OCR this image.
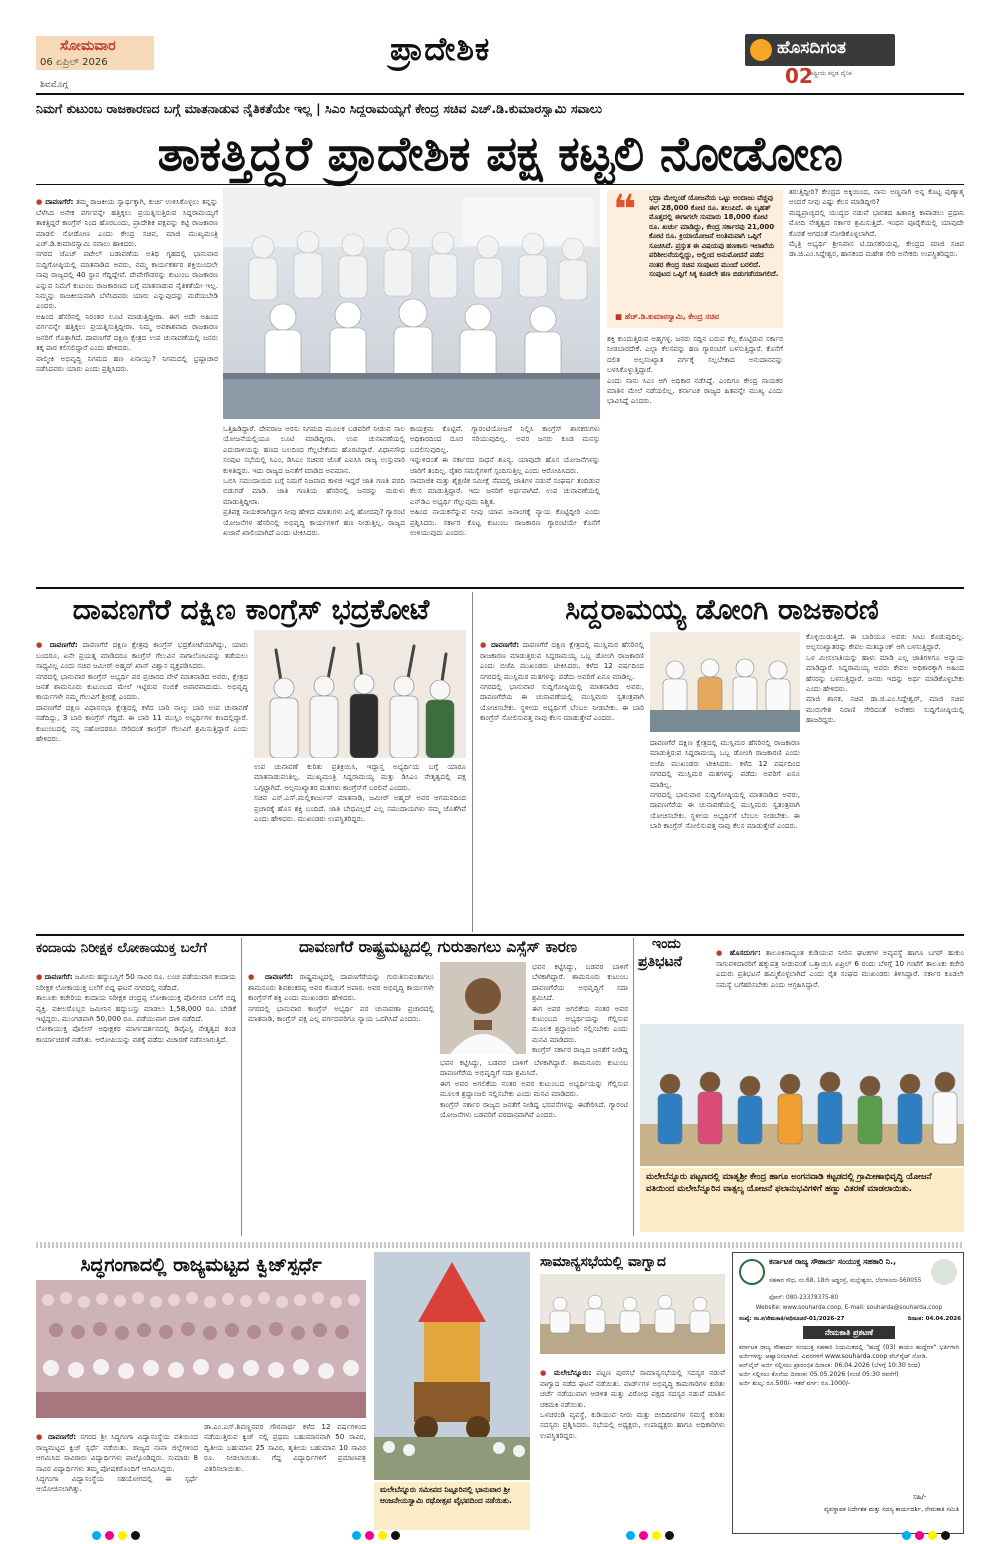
ಸೋಮವಾರ
06 ಏಪ್ರಿಲ್ 2026	ಪ್ರಾದೇಶಿಕ	ಹೊಸದಿಗಂತ
ರಾಷ್ಟ್ರೀಯ ಕನ್ನಡ ದೈನಿಕ
02
ಶಿವಮೊಗ್ಗ
ನಿಮಗೆ ಕುಟುಂಬ ರಾಜಕಾರಣದ ಬಗ್ಗೆ ಮಾತನಾಡುವ ನೈತಿಕತೆಯೇ ಇಲ್ಲ | ಸಿಎಂ ಸಿದ್ದರಾಮಯ್ಯಗೆ ಕೇಂದ್ರ ಸಚಿವ ಎಚ್.ಡಿ.ಕುಮಾರಸ್ವಾಮಿ ಸವಾಲು
ತಾಕತ್ತಿದ್ದರೆ ಪ್ರಾದೇಶಿಕ ಪಕ್ಷ ಕಟ್ಟಲಿ ನೋಡೋಣ

● ದಾವಣಗೆರೆ: ತಮ್ಮ ರಾಜಕೀಯ ಸ್ವಾರ್ಥಕ್ಕಾಗಿ, ಕುರ್ಚಿ ಉಳಿಸಿಕೊಳ್ಳಲು ತನ್ನನ್ನು ಬೆಳೆಸಿದ ಅನೇಕ ವರ್ಗವನ್ನೇ ಹತ್ತಿಕ್ಕಲು ಪ್ರಯತ್ನಿಸುತ್ತಿರುವ ಸಿದ್ದರಾಮಯ್ಯಗೆ ತಾಕತ್ತಿದ್ದರೆ ಕಾಂಗ್ರೆಸ್ ನಿಂದ ಹೊರಬಂದು, ಪ್ರಾದೇಶಿಕ ಪಕ್ಷವನ್ನು ಕಟ್ಟಿ ರಾಜಕಾರಣ ಮಾಡಲಿ ನೋಡೋಣ ಎಂದು ಕೇಂದ್ರ ಸಚಿವ, ಮಾಜಿ ಮುಖ್ಯಮಂತ್ರಿ ಎಚ್.ಡಿ.ಕುಮಾರಸ್ವಾಮಿ ಸವಾಲು ಹಾಕಿದರು.
ನಗರದ ಜೆಎಚ್ ಪಟೇಲ್ ಬಡಾವಣೆಯ ಅತಿಥಿ ಗೃಹದಲ್ಲಿ ಭಾನುವಾರ ಸುದ್ದಿಗೋಷ್ಠಿಯಲ್ಲಿ ಮಾತನಾಡಿದ ಅವರು, ನಮ್ಮ ಕಾರ್ಯಕರ್ತರ ಶಕ್ತಿಯಿಂದಲೇ ನಾವು ರಾಜ್ಯದಲ್ಲಿ 40 ಸ್ಥಾನ ಗೆದ್ದಿದ್ದೇವೆ. ದೇವೇಗೌಡರನ್ನು ಕುಟುಂಬ ರಾಜಕಾರಣ ಎನ್ನುವ ನಿಮಗೆ ಕುಟುಂಬ ರಾಜಕಾರಣದ ಬಗ್ಗೆ ಮಾತನಾಡುವ ನೈತಿಕತೆಯೇ ಇಲ್ಲ. ನಿಮ್ಮನ್ನು ರಾಜಕೀಯವಾಗಿ ಬೆಳೆಸಿದವರು ಯಾರು ಎನ್ನುವುದನ್ನು ಮರೆಯಬೇಡಿ ಎಂದರು.
ಅಹಿಂದ ಹೆಸರಿನಲ್ಲಿ ನಿರಂತರ ಲೂಟಿ ಮಾಡುತ್ತಿದ್ದೀರಾ. ಈಗ ಅದೇ ಅಹಿಂದ ವರ್ಗವನ್ನೇ ಹತ್ತಿಕ್ಕಲು ಪ್ರಯತ್ನಿಸುತ್ತಿದ್ದೀರಾ. ನಿಮ್ಮ ಅವಕಾಶವಾದಿ ರಾಜಕಾರಣ ಜನರಿಗೆ ಗೊತ್ತಾಗಿದೆ. ದಾವಣಗೆರೆ ದಕ್ಷಿಣ ಕ್ಷೇತ್ರದ ಉಪ ಚುನಾವಣೆಯಲ್ಲಿ ಜನರು ತಕ್ಕ ಪಾಠ ಕಲಿಸಲಿದ್ದಾರೆ ಎಂದು ಹೇಳಿದರು.
ವಾಲ್ಮೀಕಿ ಅಭಿವೃದ್ಧಿ ನಿಗಮದ ಹಣ ಏನಾಯ್ತು? ನಿಗಮದಲ್ಲಿ ಭ್ರಷ್ಟಾಚಾರ ನಡೆಸಿದವರು ಯಾರು ಎಂದು ಪ್ರಶ್ನಿಸಿದರು.

ಒತ್ತಿಹಿಡಿದ್ದಾರೆ. ದೇವರಾಜ ಅರಸು ನಿಗಮದ ಮೂಲಕ ಬಡವರಿಗೆ ನೀಡುವ ಸಾಲ ಯೋಜನೆಯಲ್ಲಿಯೂ ಲೂಟಿ ಮಾಡಿದ್ದೀರಾ. ಉಪ ಚುನಾವಣೆಯಲ್ಲಿ ಎದುರಾಳಿಯನ್ನು ಹಣದ ಬಲದಿಂದ ಗೆಲ್ಲಬೇಕೆಂದು ಹೊರಟಿದ್ದಾರೆ. ವಿಧಾನಸೌಧ ಸಂಪುಟ ಸಭೆಯಲ್ಲಿ ಸಿಎಂ, ಡಿಸಿಎಂ ಸಚಿವರ ಜೊತೆ ಎಐಸಿಸಿ ರಾಜ್ಯ ಉಸ್ತುವಾರಿ ಕುಳಿತಿದ್ದರು. ಇದು ರಾಜ್ಯದ ಜನತೆಗೆ ಮಾಡಿದ ಅವಮಾನ.
ಒಬಿಸಿ ಸಮುದಾಯದ ಬಗ್ಗೆ ನಿಮಗೆ ನಿಜವಾದ ಕಾಳಜಿ ಇದ್ದರೆ ಜಾತಿ ಗಣತಿ ವರದಿ ಬಿಡುಗಡೆ ಮಾಡಿ. ಜಾತಿ ಗಣತಿಯ ಹೆಸರಿನಲ್ಲಿ ಜನರನ್ನು ಮರುಳು ಮಾಡುತ್ತಿದ್ದೀರಾ.
ಪ್ರತಿಪಕ್ಷ ನಾಯಕರಾಗಿದ್ದಾಗ ನೀವು ಹೇಳಿದ ಮಾತುಗಳು ಎಲ್ಲಿ ಹೋದವು? ಗ್ಯಾರಂಟಿ ಯೋಜನೆಗಳ ಹೆಸರಿನಲ್ಲಿ ಅಭಿವೃದ್ಧಿ ಕಾರ್ಯಗಳಿಗೆ ಹಣ ನೀಡುತ್ತಿಲ್ಲ. ರಾಜ್ಯದ ಖಜಾನೆ ಖಾಲಿಯಾಗಿದೆ ಎಂದು ಟೀಕಿಸಿದರು.
ಕಾಯಕ್ರಮ ಕೊಟ್ಟಿವೆ. ಗ್ಯಾರಂಟಿಯೋಜನೆ ನಿಲ್ಲಿಸಿ ಕಾಂಗ್ರೆಸ್ ಶಾಸಕರುಗಳು ಅಧಿಕಾರದಿಂದ ದೂರ ಸರಿಯುವುದಿಲ್ಲ. ಅವರ ಜನರು ಕೂಡ ಮನಸ್ಸು ಬದಲಿಸುವುದಿಲ್ಲ.
ಇನ್ನುಳಿದಂತೆ ಈ ಸರ್ಕಾರದ ಸಾಧನೆ ಶೂನ್ಯ. ಯಾವುದೇ ಹೊಸ ಯೋಜನೆಗಳನ್ನು ಜಾರಿಗೆ ತಂದಿಲ್ಲ. ರೈತರ ಸಮಸ್ಯೆಗಳಿಗೆ ಸ್ಪಂದಿಸುತ್ತಿಲ್ಲ ಎಂದು ಆರೋಪಿಸಿದರು.
ಸಾಮಾಜಿಕ ಮತ್ತು ಶೈಕ್ಷಣಿಕ ಸಮೀಕ್ಷೆ ನೆಪದಲ್ಲಿ ಜಾತಿಗಳ ನಡುವೆ ಸಂಘರ್ಷ ತಂದಿಡುವ ಕೆಲಸ ಮಾಡುತ್ತಿದ್ದಾರೆ. ಇದು ಜನರಿಗೆ ಅರ್ಥವಾಗಿದೆ. ಉಪ ಚುನಾವಣೆಯಲ್ಲಿ ಎನ್‌ಡಿಎ ಅಭ್ಯರ್ಥಿ ಗೆಲ್ಲುವುದು ನಿಶ್ಚಿತ.
ಅಹಿಂದ ನಾಯಕನೆನ್ನುವ ನೀವು ಯಾವ ಜನಾಂಗಕ್ಕೆ ನ್ಯಾಯ ಕೊಟ್ಟಿದ್ದೀರಿ ಎಂದು ಪ್ರಶ್ನಿಸಿದರು. ಸರ್ಕಾರ ಕೊಟ್ಟ ಕುಟುಂಬ ರಾಜಕಾರಣ ಗ್ಯಾರಂಟಿಯೇ ಕೊನೆಗೆ ಉಳಿಯುವುದು ಎಂದರು.
❝ ಭದ್ರಾ ಮೇಲ್ದಂಡೆ ಯೋಜನೆಯ ಒಟ್ಟು ಅಂದಾಜು ವೆಚ್ಚವು ಈಗ 28,000 ಕೋಟಿ ರೂ. ತಲುಪಿದೆ. ಈ ಬೃಹತ್ ಮೊತ್ತದಲ್ಲಿ ಈಗಾಗಲೇ ಸುಮಾರು 18,000 ಕೋಟಿ ರೂ. ಖರ್ಚು ಮಾಡಿದ್ದು, ಕೇಂದ್ರ ಸರ್ಕಾರವು 21,000 ಕೋಟಿ ರೂ. ಕ್ರಿಯಾಯೋಜನೆ ಅಂತಿಮವಾಗಿ ಒಪ್ಪಿಗೆ ಸೂಚಿಸಿದೆ. ಪ್ರಸ್ತುತ ಈ ವಿಷಯವು ಹಣಕಾಸು ಇಲಾಖೆಯ ಪರಿಶೀಲನೆಯಲ್ಲಿದ್ದು, ಅಲ್ಲಿಂದ ಅನುಮೋದನೆ ಪಡೆದ ನಂತರ ಕೇಂದ್ರ ಸಚಿವ ಸಂಪುಟದ ಮುಂದೆ ಬರಲಿದೆ. ಸಂಪುಟದ ಒಪ್ಪಿಗೆ ಸಿಕ್ಕ ಕೂಡಲೇ ಹಣ ಬಿಡುಗಡೆಯಾಗಲಿದೆ.
■ ಹೆಚ್.ಡಿ.ಕುಮಾರಸ್ವಾಮಿ, ಕೇಂದ್ರ ಸಚಿವ
ಶಕ್ತಿ ಕುಂದುತ್ತಿರುವ ಅಹ್ಮಗಳ್ಳ. ಜನರು ಸದ್ದಿನ ಬರುವ ಕೆಲ್ಸ ಕೊಟ್ಟಿರುವ ಸರ್ಕಾರ ನೀಡಬಾರದೇಕೆ. ಎಲ್ಲಾ ಕೆಲಸವನ್ನು ಹಣ ಗ್ಯಾರಂಟಿಗೆ ಬಳಸುತ್ತಿದ್ದಾರೆ. ಕೊನೆಗೆ ದಲಿತ ಅಲ್ಪಸಂಖ್ಯಾತ ವರ್ಗಕ್ಕೆ ಸಲ್ಲಬೇಕಾದ ಅನುದಾನವನ್ನು ಬಳಸಿಕೊಳ್ಳುತ್ತಿದ್ದಾರೆ.
ಎಂದು ನಾನು ಸಿಎಂ ಆಗಿ ಅಧಿಕಾರ ನಡೆಸಿದ್ದೆ. ಎಂದಿಗೂ ಕೇಂದ್ರ ನಾಯಕರ ಮಾತಿನ ಮೇಲೆ ನಡೆಯಲಿಲ್ಲ. ಕರ್ನಾಟಕ ರಾಜ್ಯದ ಹಿತವನ್ನೇ ಮುಖ್ಯ ಎಂದು ಭಾವಿಸಿದ್ದೆ ಎಂದರು.
ತರುತ್ತಿದ್ದೀರಿ? ಕೇಂದ್ರದ ಅಕ್ಕಿಯಿಂದ, ನಾನು ಅಣ್ಣನಾಗಿ ಅನ್ನ ಕೊಟ್ಟ ಪುಣ್ಯಾತ್ಮ ಅಂದರೆ ನೀವು ಎಷ್ಟು ಕೆಲಸ ಮಾಡಿದ್ದೀರಿ?
ಮಧ್ಯಪ್ರಾಚ್ಯದಲ್ಲಿ ಯುದ್ಧದ ನಡುವೆ ಭಾರತದ ಹಿತಾಸಕ್ತಿ ಕಾಪಾಡಲು ಪ್ರಧಾನಿ ಮೋದಿ ನೇತೃತ್ವದ ಸರ್ಕಾರ ಶ್ರಮಿಸುತ್ತಿದೆ. ಇಂಧನ ಪೂರೈಕೆಯಲ್ಲಿ ಯಾವುದೇ ಕೊರತೆ ಆಗದಂತೆ ನೋಡಿಕೊಳ್ಳಲಾಗಿದೆ.
ಮೈತ್ರಿ ಅಭ್ಯರ್ಥಿ ಶ್ರೀನಿವಾಸ ಟಿ.ದಾಸಕರಿಯಪ್ಪ, ಕೇಂದ್ರದ ಮಾಜಿ ಸಚಿವ ಡಾ.ಜಿ.ಎಂ.ಸಿದ್ದೇಶ್ವರ, ಹಾಸಕಂದ ಮಹೇಶ ಸೇರಿ ಅನೇಕರು ಉಪಸ್ಥಿತರಿದ್ದರು.
ದಾವಣಗೆರೆ ದಕ್ಷಿಣ ಕಾಂಗ್ರೆಸ್ ಭದ್ರಕೋಟೆ	ಸಿದ್ದರಾಮಯ್ಯ ಡೋಂಗಿ ರಾಜಕಾರಣಿ

● ದಾವಣಗೆರೆ: ದಾವಣಗೆರೆ ದಕ್ಷಿಣ ಕ್ಷೇತ್ರವು ಕಾಂಗ್ರೆಸ್ ಭದ್ರಕೋಟೆಯಾಗಿದ್ದು, ಯಾರು ಬಂದರೂ, ಏನೇ ಪ್ರಯತ್ನ ಮಾಡಿದರೂ ಕಾಂಗ್ರೆಸ್ ಗೆಲುವಿನ ನಾಗಾಲೋಟವನ್ನು ತಡೆಯಲು ಸಾಧ್ಯವಿಲ್ಲ ಎಂದು ಸಚಿವ ಜಮೀರ್ ಅಹ್ಮದ್ ಖಾನ್ ವಿಶ್ವಾಸ ವ್ಯಕ್ತಪಡಿಸಿದರು.
ನಗರದಲ್ಲಿ ಭಾನುವಾರ ಕಾಂಗ್ರೆಸ್ ಅಭ್ಯರ್ಥಿ ಪರ ಪ್ರಚಾರದ ವೇಳೆ ಮಾತನಾಡಿದ ಅವರು, ಕ್ಷೇತ್ರದ ಜನತೆ ಶಾಮನೂರು ಕುಟುಂಬದ ಮೇಲೆ ಇಟ್ಟಿರುವ ನಂಬಿಕೆ ಅಪಾರವಾದುದು. ಅಭಿವೃದ್ಧಿ ಕಾರ್ಯಗಳೇ ನಮ್ಮ ಗೆಲುವಿಗೆ ಶ್ರೀರಕ್ಷೆ ಎಂದರು.
ದಾವಣಗೆರೆ ದಕ್ಷಿಣ ವಿಧಾನಸಭಾ ಕ್ಷೇತ್ರದಲ್ಲಿ ಕಳೆದ ಬಾರಿ ನಾಲ್ಕು ಬಾರಿ ಉಪ ಚುನಾವಣೆ ನಡೆದಿದ್ದು, 3 ಬಾರಿ ಕಾಂಗ್ರೆಸ್ ಗೆದ್ದಿದೆ. ಈ ಬಾರಿ 11 ಮುಸ್ಲಿಂ ಅಭ್ಯರ್ಥಿಗಳ ಕಣದಲ್ಲಿದ್ದಾರೆ. ಕುಟುಂಬದಲ್ಲಿ ನನ್ನ ಸಹೋದರರೂ ಸೇರಿದಂತೆ ಕಾಂಗ್ರೆಸ್ ಗೆಲುವಿಗೆ ಶ್ರಮಿಸುತ್ತಿದ್ದಾರೆ ಎಂದು ಹೇಳಿದರು.

ಉಪ ಚುನಾವಣೆ ಕುರಿತು ಪ್ರತಿಕ್ರಿಯಿಸಿ, ಇದ್ದಾಸ್ತ ಅಭ್ಯರ್ಥಿಯ ಬಗ್ಗೆ ಯಾರೂ ಮಾತನಾಡುವಂತಿಲ್ಲ. ಮುಖ್ಯಮಂತ್ರಿ ಸಿದ್ದರಾಮಯ್ಯ ಮತ್ತು ಡಿಸಿಎಂ ನೇತೃತ್ವದಲ್ಲಿ ಪಕ್ಷ ಒಗ್ಗಟ್ಟಾಗಿದೆ. ಅಲ್ಪಸಂಖ್ಯಾತರ ಮತಗಳು ಕಾಂಗ್ರೆಸ್‌ಗೆ ಬರಲಿವೆ ಎಂದರು.
ಸಚಿವ ಎಸ್.ಎಸ್.ಮಲ್ಲಿಕಾರ್ಜುನ್ ಮಾತನಾಡಿ, ಜಮೀರ್ ಅಹ್ಮದ್ ಅವರ ಆಗಮನದಿಂದ ಪ್ರಚಾರಕ್ಕೆ ಹೊಸ ಶಕ್ತಿ ಬಂದಿದೆ. ಜಾತಿ ಬೇಧವಿಲ್ಲದೆ ಎಲ್ಲ ಸಮುದಾಯಗಳು ನಮ್ಮ ಜೊತೆಗಿವೆ ಎಂದು ಹೇಳಿದರು. ಮುಖಂಡರು ಉಪಸ್ಥಿತರಿದ್ದರು.

● ದಾವಣಗೆರೆ: ದಾವಣಗೆರೆ ದಕ್ಷಿಣ ಕ್ಷೇತ್ರದಲ್ಲಿ ಮುಸ್ಲಿಮರ ಹೆಸರಿನಲ್ಲಿ ರಾಜಕಾರಣ ಮಾಡುತ್ತಿರುವ ಸಿದ್ದರಾಮಯ್ಯ ಒಬ್ಬ ಡೋಂಗಿ ರಾಜಕಾರಣಿ ಎಂದು ಬಿಜೆಪಿ ಮುಖಂಡರು ಟೀಕಿಸಿದರು. ಕಳೆದ 12 ವರ್ಷದಿಂದ ನಗರದಲ್ಲಿ ಮುಸ್ಲಿಮರ ಮತಗಳನ್ನು ಪಡೆದು ಅವರಿಗೆ ಏನೂ ಮಾಡಿಲ್ಲ.
ನಗರದಲ್ಲಿ ಭಾನುವಾರ ಸುದ್ದಿಗೋಷ್ಠಿಯಲ್ಲಿ ಮಾತನಾಡಿದ ಅವರು, ದಾವಣಗೆರೆಯ ಈ ಚುನಾವಣೆಯಲ್ಲಿ ಮುಸ್ಲಿಮರು ಸ್ವತಂತ್ರವಾಗಿ ಯೋಚಿಸಬೇಕು. ಸ್ಥಳೀಯ ಅಭ್ಯರ್ಥಿಗೆ ಬೆಂಬಲ ನೀಡಬೇಕು. ಈ ಬಾರಿ ಕಾಂಗ್ರೆಸ್ ಸೋಲಿಸುವತ್ತ ನಾವು ಕೆಲಸ ಮಾಡುತ್ತೇವೆ ಎಂದರು.

ಕೊಳ್ಳಿಯಿಡುತ್ತಿದೆ. ಈ ಬಾರಿಯೂ ಅವರು ಸೀಟು ಕೊಡುವುದಿಲ್ಲ. ಅಲ್ಪಸಂಖ್ಯಾತರನ್ನು ಕೇವಲ ಮತಬ್ಯಾಂಕ್ ಆಗಿ ಬಳಸುತ್ತಿದ್ದಾರೆ.
ಒಳ ಮೀಸಲಾತಿಯನ್ನು ಹಾಳು ಮಾಡಿ ಎಲ್ಲ ಜಾತಿಗಳಿಗೂ ಅನ್ಯಾಯ ಮಾಡಿದ್ದಾರೆ. ಸಿದ್ದರಾಮಯ್ಯ ಅವರು ಕೇವಲ ಅಧಿಕಾರಕ್ಕಾಗಿ ಅಹಿಂದ ಹೆಸರನ್ನು ಬಳಸುತ್ತಿದ್ದಾರೆ. ಜನರು ಇದನ್ನು ಅರ್ಥ ಮಾಡಿಕೊಳ್ಳಬೇಕು ಎಂದು ಹೇಳಿದರು.
ಮಾಜಿ ಶಾಸಕ, ಸಚಿವ ಡಾ.ಜಿ.ಎಂ.ಸಿದ್ದೇಶ್ವರ್, ಮಾಜಿ ಸಚಿವ ಮುರುಗೇಶ ನಿರಾಣಿ ಸೇರಿದಂತೆ ಅನೇಕರು ಸುದ್ದಿಗೋಷ್ಠಿಯಲ್ಲಿ ಹಾಜರಿದ್ದರು.
ದಾವಣಗೆರೆ ದಕ್ಷಿಣ ಕ್ಷೇತ್ರದಲ್ಲಿ ಮುಸ್ಲಿಮರ ಹೆಸರಿನಲ್ಲಿ ರಾಜಕಾರಣ ಮಾಡುತ್ತಿರುವ ಸಿದ್ದರಾಮಯ್ಯ ಒಬ್ಬ ಡೋಂಗಿ ರಾಜಕಾರಣಿ ಎಂದು ಬಿಜೆಪಿ ಮುಖಂಡರು ಟೀಕಿಸಿದರು. ಕಳೆದ 12 ವರ್ಷದಿಂದ ನಗರದಲ್ಲಿ ಮುಸ್ಲಿಮರ ಮತಗಳನ್ನು ಪಡೆದು ಅವರಿಗೆ ಏನೂ ಮಾಡಿಲ್ಲ.
ನಗರದಲ್ಲಿ ಭಾನುವಾರ ಸುದ್ದಿಗೋಷ್ಠಿಯಲ್ಲಿ ಮಾತನಾಡಿದ ಅವರು, ದಾವಣಗೆರೆಯ ಈ ಚುನಾವಣೆಯಲ್ಲಿ ಮುಸ್ಲಿಮರು ಸ್ವತಂತ್ರವಾಗಿ ಯೋಚಿಸಬೇಕು. ಸ್ಥಳೀಯ ಅಭ್ಯರ್ಥಿಗೆ ಬೆಂಬಲ ನೀಡಬೇಕು. ಈ ಬಾರಿ ಕಾಂಗ್ರೆಸ್ ಸೋಲಿಸುವತ್ತ ನಾವು ಕೆಲಸ ಮಾಡುತ್ತೇವೆ ಎಂದರು.
ಕಂದಾಯ ನಿರೀಕ್ಷಕ ಲೋಕಾಯುಕ್ತ ಬಲೆಗೆ

● ದಾವಣಗೆರೆ: ಜಮೀನು ಹದ್ದುಬಸ್ತಿಗೆ 50 ಸಾವಿರ ರೂ. ಲಂಚ ಪಡೆಯುವಾಗ ಕಂದಾಯ ನಿರೀಕ್ಷಕ ಲೋಕಾಯುಕ್ತ ಬಲೆಗೆ ಬಿದ್ದ ಘಟನೆ ನಗರದಲ್ಲಿ ನಡೆದಿದೆ.
ತಾಲೂಕು ಕಚೇರಿಯ ಕಂದಾಯ ನಿರೀಕ್ಷಕ ಚಂದ್ರಪ್ಪ ಲೋಕಾಯುಕ್ತ ಪೊಲೀಸರ ಬಲೆಗೆ ಬಿದ್ದ ವ್ಯಕ್ತಿ. ವಕೀಲರೊಬ್ಬರ ಜಮೀನಿನ ಹದ್ದುಬಸ್ತು ಮಾಡಲು 1,58,000 ರೂ. ಬೇಡಿಕೆ ಇಟ್ಟಿದ್ದರು. ಮುಂಗಡವಾಗಿ 50,000 ರೂ. ಪಡೆಯುವಾಗ ದಾಳಿ ನಡೆದಿದೆ.
ಲೋಕಾಯುಕ್ತ ಪೊಲೀಸ್ ಅಧೀಕ್ಷಕರ ಮಾರ್ಗದರ್ಶನದಲ್ಲಿ ಡಿವೈಎಸ್ಪಿ ನೇತೃತ್ವದ ತಂಡ ಕಾರ್ಯಾಚರಣೆ ನಡೆಸಿತು. ಆರೋಪಿಯನ್ನು ವಶಕ್ಕೆ ಪಡೆದು ವಿಚಾರಣೆ ನಡೆಸಲಾಗುತ್ತಿದೆ.

ದಾವಣಗೆರೆ ರಾಷ್ಟ್ರಮಟ್ಟದಲ್ಲಿ ಗುರುತಾಗಲು ಎಸ್ಸೆಸ್ ಕಾರಣ

● ದಾವಣಗೆರೆ: ರಾಷ್ಟ್ರಮಟ್ಟದಲ್ಲಿ ದಾವಣಗೆರೆಯನ್ನು ಗುರುತಿಸುವಂತಾಗಲು ಶಾಮನೂರು ಶಿವಶಂಕರಪ್ಪ ಅವರ ಕೊಡುಗೆ ಅಪಾರ. ಅವರ ಅಭಿವೃದ್ಧಿ ಕಾರ್ಯಗಳೇ ಕಾಂಗ್ರೆಸ್‌ಗೆ ಶಕ್ತಿ ಎಂದು ಮುಖಂಡರು ಹೇಳಿದರು.
ನಗರದಲ್ಲಿ ಭಾನುವಾರ ಕಾಂಗ್ರೆಸ್ ಅಭ್ಯರ್ಥಿ ಪರ ಚುನಾವಣಾ ಪ್ರಚಾರದಲ್ಲಿ ಮಾತನಾಡಿ, ಕಾಂಗ್ರೆಸ್ ಪಕ್ಷ ಎಲ್ಲ ವರ್ಗದವರಿಗೂ ನ್ಯಾಯ ಒದಗಿಸಿದೆ ಎಂದರು.

ಭವನ ಕಟ್ಟಿಸಿದ್ದು, ಬಡವರ ಬಾಳಿಗೆ ಬೆಳಕಾಗಿದ್ದಾರೆ. ಶಾಮನೂರು ಕುಟುಂಬ ದಾವಣಗೆರೆಯ ಅಭಿವೃದ್ಧಿಗೆ ಸದಾ ಶ್ರಮಿಸಿದೆ.
ಈಗ ಅವರ ಅಗಲಿಕೆಯ ನಂತರ ಅವರ ಕುಟುಂಬದ ಅಭ್ಯರ್ಥಿಯನ್ನು ಗೆಲ್ಲಿಸುವ ಮೂಲಕ ಶ್ರದ್ಧಾಂಜಲಿ ಸಲ್ಲಿಸಬೇಕು ಎಂದು ಮನವಿ ಮಾಡಿದರು.
ಕಾಂಗ್ರೆಸ್ ಸರ್ಕಾರ ರಾಜ್ಯದ ಜನತೆಗೆ ನೀಡಿದ್ದ
ಭವನ ಕಟ್ಟಿಸಿದ್ದು, ಬಡವರ ಬಾಳಿಗೆ ಬೆಳಕಾಗಿದ್ದಾರೆ. ಶಾಮನೂರು ಕುಟುಂಬ ದಾವಣಗೆರೆಯ ಅಭಿವೃದ್ಧಿಗೆ ಸದಾ ಶ್ರಮಿಸಿದೆ.
ಈಗ ಅವರ ಅಗಲಿಕೆಯ ನಂತರ ಅವರ ಕುಟುಂಬದ ಅಭ್ಯರ್ಥಿಯನ್ನು ಗೆಲ್ಲಿಸುವ ಮೂಲಕ ಶ್ರದ್ಧಾಂಜಲಿ ಸಲ್ಲಿಸಬೇಕು ಎಂದು ಮನವಿ ಮಾಡಿದರು.
ಕಾಂಗ್ರೆಸ್ ಸರ್ಕಾರ ರಾಜ್ಯದ ಜನತೆಗೆ ನೀಡಿದ್ದ ಭರವಸೆಗಳನ್ನು ಈಡೇರಿಸಿದೆ. ಗ್ಯಾರಂಟಿ ಯೋಜನೆಗಳು ಬಡವರಿಗೆ ವರದಾನವಾಗಿವೆ ಎಂದರು.
ಇಂದು
ಪ್ರತಿಭಟನೆ

● ಹೊಸದುರ್ಗ: ತಾಲೂಕಿನಾದ್ಯಂತ ಕುಡಿಯುವ ನೀರಿನ ಘಟಕಗಳ ಅವ್ಯವಸ್ಥೆ ಹಾಗೂ ಬಗರ್ ಹುಕುಂ ಸಾಗುವಳಿದಾರರಿಗೆ ಹಕ್ಕುಪತ್ರ ನೀಡುವಂತೆ ಒತ್ತಾಯಿಸಿ ಏಪ್ರಿಲ್ 6 ರಂದು ಬೆಳಗ್ಗೆ 10 ಗಂಟೆಗೆ ತಾಲೂಕು ಕಚೇರಿ ಎದುರು ಪ್ರತಿಭಟನೆ ಹಮ್ಮಿಕೊಳ್ಳಲಾಗಿದೆ ಎಂದು ರೈತ ಸಂಘದ ಮುಖಂಡರು ತಿಳಿಸಿದ್ದಾರೆ. ಸರ್ಕಾರ ಕೂಡಲೇ ಸಮಸ್ಯೆ ಬಗೆಹರಿಸಬೇಕು ಎಂದು ಆಗ್ರಹಿಸಿದ್ದಾರೆ.

ಮಲೇಬೆನ್ನೂರು ಪಟ್ಟಣದಲ್ಲಿ ಮಾತೃಶ್ರೀ ಕೇಂದ್ರ ಹಾಗೂ ಅಂಗನವಾಡಿ ಕಟ್ಟಡದಲ್ಲಿ ಗ್ರಾಮೀಣಾಭಿವೃದ್ಧಿ ಯೋಜನೆ ವತಿಯಿಂದ ಮಲೇಬೆನ್ನೂರಿನ ವಾತ್ಸಲ್ಯ ಯೋಜನೆ ಫಲಾನುಭವಿಗಳಿಗೆ ಹಣ್ಣು ವಿತರಣೆ ಮಾಡಲಾಯಿತು.
ಸಿದ್ಧಗಂಗಾದಲ್ಲಿ ರಾಜ್ಯಮಟ್ಟದ ಕ್ವಿಜ್‌ಸ್ಪರ್ಧೆ

● ದಾವಣಗೆರೆ: ನಗರದ ಶ್ರೀ ಸಿದ್ಧಗಂಗಾ ವಿದ್ಯಾಸಂಸ್ಥೆಯ ವತಿಯಿಂದ ರಾಜ್ಯಮಟ್ಟದ ಕ್ವಿಜ್ ಸ್ಪರ್ಧೆ ನಡೆಯಿತು. ರಾಜ್ಯದ ನಾನಾ ಜಿಲ್ಲೆಗಳಿಂದ ಆಗಮಿಸಿದ ಸಾವಿರಾರು ವಿದ್ಯಾರ್ಥಿಗಳು ಪಾಲ್ಗೊಂಡಿದ್ದರು. ಸುಮಾರು 8 ಸಾವಿರ ವಿದ್ಯಾರ್ಥಿಗಳು ತಮ್ಮ ಪೋಷಕರೊಂದಿಗೆ ಆಗಮಿಸಿದ್ದರು.
ಸಿದ್ಧಗಂಗಾ ವಿದ್ಯಾಸಂಸ್ಥೆಯ ಸಹಯೋಗದಲ್ಲಿ ಈ ಸ್ಪರ್ಧೆ ಆಯೋಜಿಸಲಾಗಿತ್ತು.

ಡಾ.ಎಂ.ಎಸ್.ಶಿವಣ್ಣನವರ ಗೌರವಾರ್ಥ ಕಳೆದ 12 ವರ್ಷಗಳಿಂದ ನಡೆಯುತ್ತಿರುವ ಕ್ವಿಜ್ ನಲ್ಲಿ ಪ್ರಥಮ ಬಹುಮಾನವಾಗಿ 50 ಸಾವಿರ, ದ್ವಿತೀಯ ಬಹುಮಾನ 25 ಸಾವಿರ, ತೃತೀಯ ಬಹುಮಾನ 10 ಸಾವಿರ ರೂ. ನೀಡಲಾಯಿತು. ಗೆದ್ದ ವಿದ್ಯಾರ್ಥಿಗಳಿಗೆ ಪ್ರಮಾಣಪತ್ರ ವಿತರಿಸಲಾಯಿತು.
ಮಲೇಬೆನ್ನೂರು ಸಮೀಪದ ನಿಟ್ಟೂರಿನಲ್ಲಿ ಭಾನುವಾರ ಶ್ರೀ ಆಂಜನೇಯಸ್ವಾಮಿ ರಥೋತ್ಸವ ವೈಭವದಿಂದ ನಡೆಯಿತು.
ಸಾಮಾನ್ಯಸಭೆಯಲ್ಲಿ ವಾಗ್ವಾದ

● ಮಲೇಬೆನ್ನೂರು: ಪಟ್ಟಣ ಪುರಸಭೆ ಸಾಮಾನ್ಯಸಭೆಯಲ್ಲಿ ಸದಸ್ಯರ ನಡುವೆ ವಾಗ್ವಾದ ನಡೆದ ಘಟನೆ ನಡೆಯಿತು. ವಾರ್ಡ್‌ಗಳ ಅಭಿವೃದ್ಧಿ ಕಾಮಗಾರಿಗಳ ಕುರಿತು ಚರ್ಚೆ ನಡೆಯುವಾಗ ಆಡಳಿತ ಮತ್ತು ವಿರೋಧ ಪಕ್ಷದ ಸದಸ್ಯರ ನಡುವೆ ಮಾತಿನ ಚಕಮಕಿ ನಡೆಯಿತು.
ಒಳಚರಂಡಿ ವ್ಯವಸ್ಥೆ, ಕುಡಿಯುವ ನೀರು ಮತ್ತು ಬೀದಿದೀಪಗಳ ಸಮಸ್ಯೆ ಕುರಿತು ಸದಸ್ಯರು ಪ್ರಶ್ನಿಸಿದರು. ಸಭೆಯಲ್ಲಿ ಅಧ್ಯಕ್ಷರು, ಉಪಾಧ್ಯಕ್ಷರು ಹಾಗೂ ಅಧಿಕಾರಿಗಳು ಉಪಸ್ಥಿತರಿದ್ದರು.

ಕರ್ನಾಟಕ ರಾಜ್ಯ ಸೌಹಾರ್ದ ಸಂಯುಕ್ತ ಸಹಕಾರಿ ನಿ.,
ಸಹಕಾರ ಸೌಧ, ನಂ.68, 18ನೇ ಅಡ್ಡರಸ್ತೆ, ಮಲ್ಲೇಶ್ವರಂ, ಬೆಂಗಳೂರು-560055
ಫೋನ್: 080-23378375-80
Website: www.souharda.coop, E-mail: souharda@souharda.coop
ಸಂಖ್ಯೆ: ಸಂ.ಕ/ನೇಮಕಾತಿ/ಅಧಿಸೂಚನೆ-01/2026-27	ದಿನಾಂಕ: 04.04.2026
ನೇಮಕಾತಿ ಪ್ರಕಟಣೆ
ಕರ್ನಾಟಕ ರಾಜ್ಯ ಸೌಹಾರ್ದ ಸಂಯುಕ್ತ ಸಹಕಾರಿ ನಿಯಮಿತದಲ್ಲಿ "ಹುದ್ದೆ (03) ಕಾಯಂ ಹುದ್ದೆಗಳ" ಭರ್ತಿಗಾಗಿ ಅರ್ಜಿಗಳನ್ನು ಆಹ್ವಾನಿಸಲಾಗಿದೆ. ವಿವರಗಳಿಗೆ www.souharda.coop ವೆಬ್‌ಸೈಟ್ ನೋಡಿ.
ಆನ್‌ಲೈನ್ ಅರ್ಜಿ ಸಲ್ಲಿಸಲು ಪ್ರಾರಂಭಿಕ ದಿನಾಂಕ: 06.04.2026 (ಬೆಳಗ್ಗೆ 10:30 ರಿಂದ)
ಅರ್ಜಿ ಸಲ್ಲಿಸಲು ಕೊನೆಯ ದಿನಾಂಕ: 05.05.2026 (ಸಂಜೆ 05:30 ರವರೆಗೆ)
ಅರ್ಜಿ ಶುಲ್ಕ: ರೂ.500/- ಇತರೆ ವರ್ಗ: ರೂ.1000/-
ಸಹಿ/-
ವ್ಯವಸ್ಥಾಪಕ ನಿರ್ದೇಶಕ ಮತ್ತು ಸದಸ್ಯ ಕಾರ್ಯದರ್ಶಿ, ನೇಮಕಾತಿ ಸಮಿತಿ
